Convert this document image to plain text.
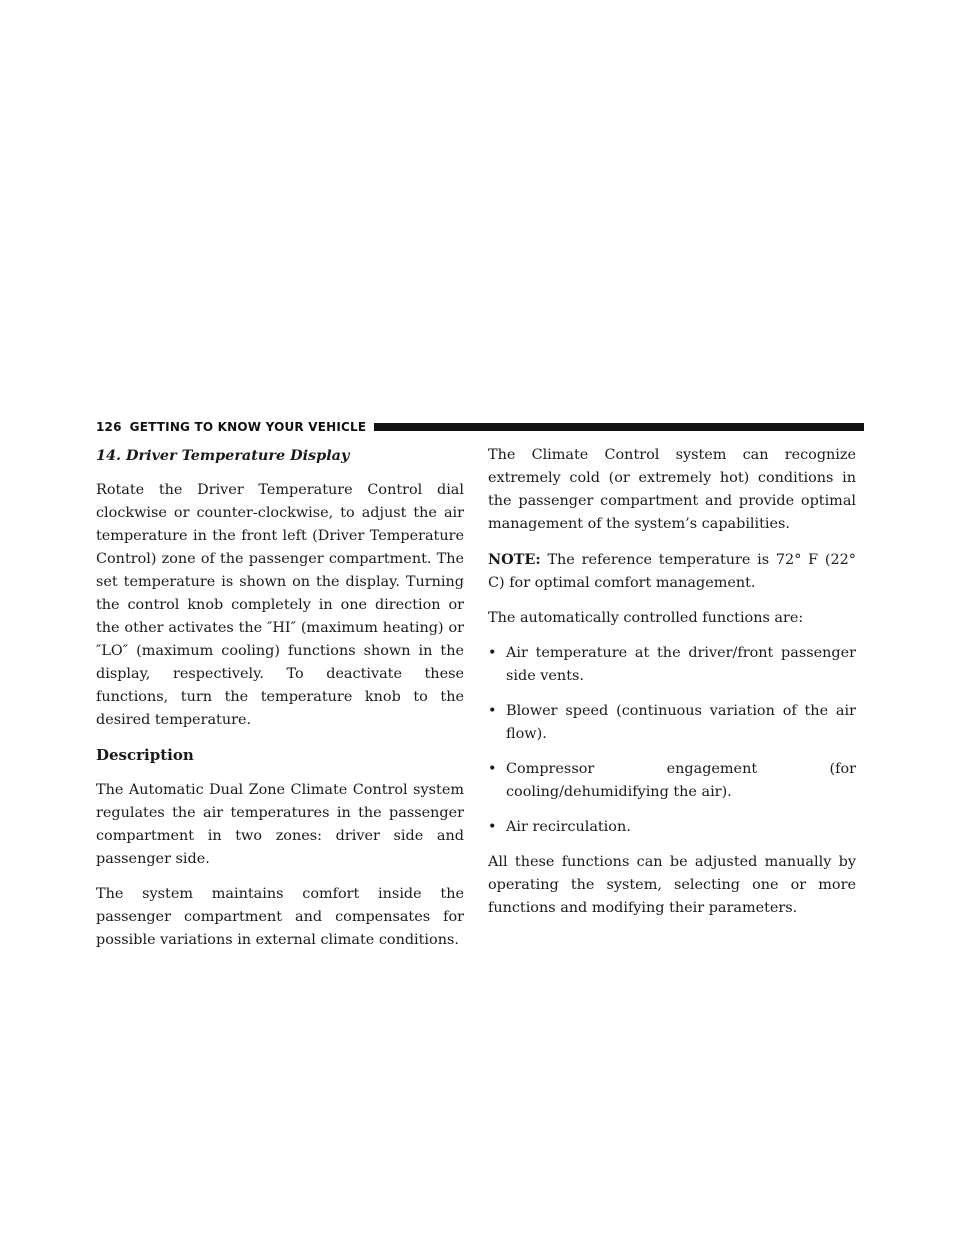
126 GETTING TO KNOW YOUR VEHICLE

14. Driver Temperature Display

Rotate the Driver Temperature Control dial clockwise or counter-clockwise, to adjust the air temperature in the front left (Driver Temperature Control) zone of the passenger compartment. The set temperature is shown on the display. Turning the control knob completely in one direction or the other activates the ″HI″ (maximum heating) or ″LO″ (maximum cooling) functions shown in the display, respectively. To deactivate these functions, turn the temperature knob to the desired temperature.

Description

The Automatic Dual Zone Climate Control system regulates the air temperatures in the passenger compartment in two zones: driver side and passenger side.

The system maintains comfort inside the passenger compartment and compensates for possible variations in external climate conditions.

The Climate Control system can recognize extremely cold (or extremely hot) conditions in the passenger compartment and provide optimal management of the system’s capabilities.

NOTE: The reference temperature is 72° F (22° C) for optimal comfort management.

The automatically controlled functions are:

• Air temperature at the driver/front passenger side vents.
• Blower speed (continuous variation of the air flow).
• Compressor engagement (for cooling/dehumidifying the air).
• Air recirculation.

All these functions can be adjusted manually by operating the system, selecting one or more functions and modifying their parameters.
